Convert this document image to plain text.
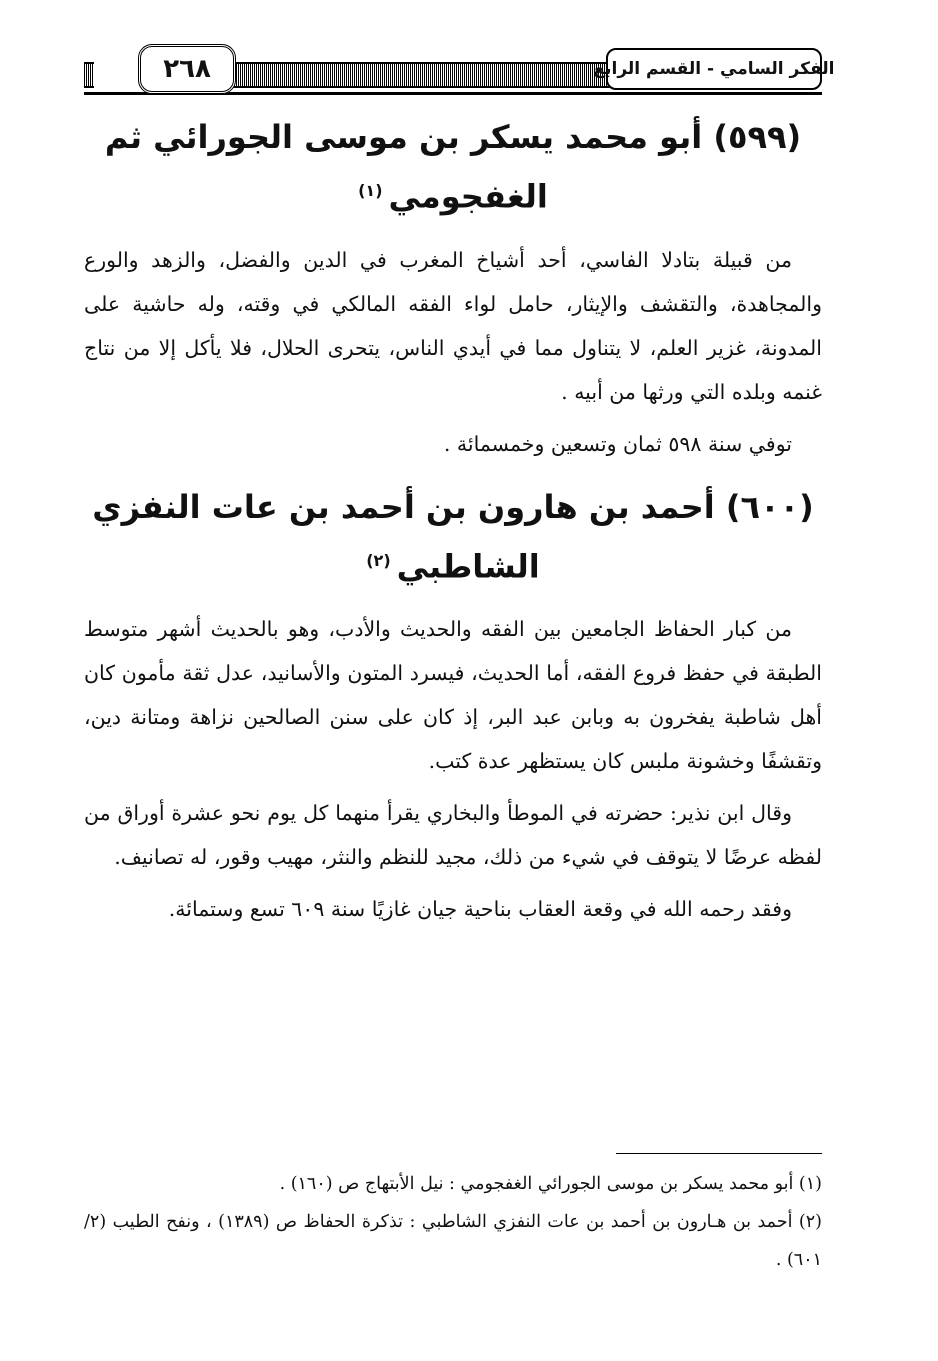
الفكر السامي - القسم الرابع
٢٦٨
(٥٩٩) أبو محمد يسكر بن موسى الجورائي ثم الغفجومي$^{(١)}$

من قبيلة بتادلا الفاسي، أحد أشياخ المغرب في الدين والفضل، والزهد والورع والمجاهدة، والتقشف والإيثار، حامل لواء الفقه المالكي في وقته، وله حاشية على المدونة، غزير العلم، لا يتناول مما في أيدي الناس، يتحرى الحلال، فلا يأكل إلا من نتاج غنمه وبلده التي ورثها من أبيه .

توفي سنة ٥٩٨ ثمان وتسعين وخمسمائة .

(٦٠٠) أحمد بن هارون بن أحمد بن عات النفزي الشاطبي$^{(٢)}$

من كبار الحفاظ الجامعين بين الفقه والحديث والأدب، وهو بالحديث أشهر متوسط الطبقة في حفظ فروع الفقه، أما الحديث، فيسرد المتون والأسانيد، عدل ثقة مأمون كان أهل شاطبة يفخرون به وبابن عبد البر، إذ كان على سنن الصالحين نزاهة ومتانة دين، وتقشفًا وخشونة ملبس كان يستظهر عدة كتب.

وقال ابن نذير: حضرته في الموطأ والبخاري يقرأ منهما كل يوم نحو عشرة أوراق من لفظه عرضًا لا يتوقف في شيء من ذلك، مجيد للنظم والنثر، مهيب وقور، له تصانيف.

وفقد رحمه الله في وقعة العقاب بناحية جيان غازيًا سنة ٦٠٩ تسع وستمائة.

(١) أبو محمد يسكر بن موسى الجورائي الغفجومي : نيل الأبتهاج ص (١٦٠) .

(٢) أحمد بن هـارون بن أحمد بن عات النفزي الشاطبي : تذكرة الحفاظ ص (١٣٨٩) ، ونفح الطيب (٢/ ٦٠١) .
